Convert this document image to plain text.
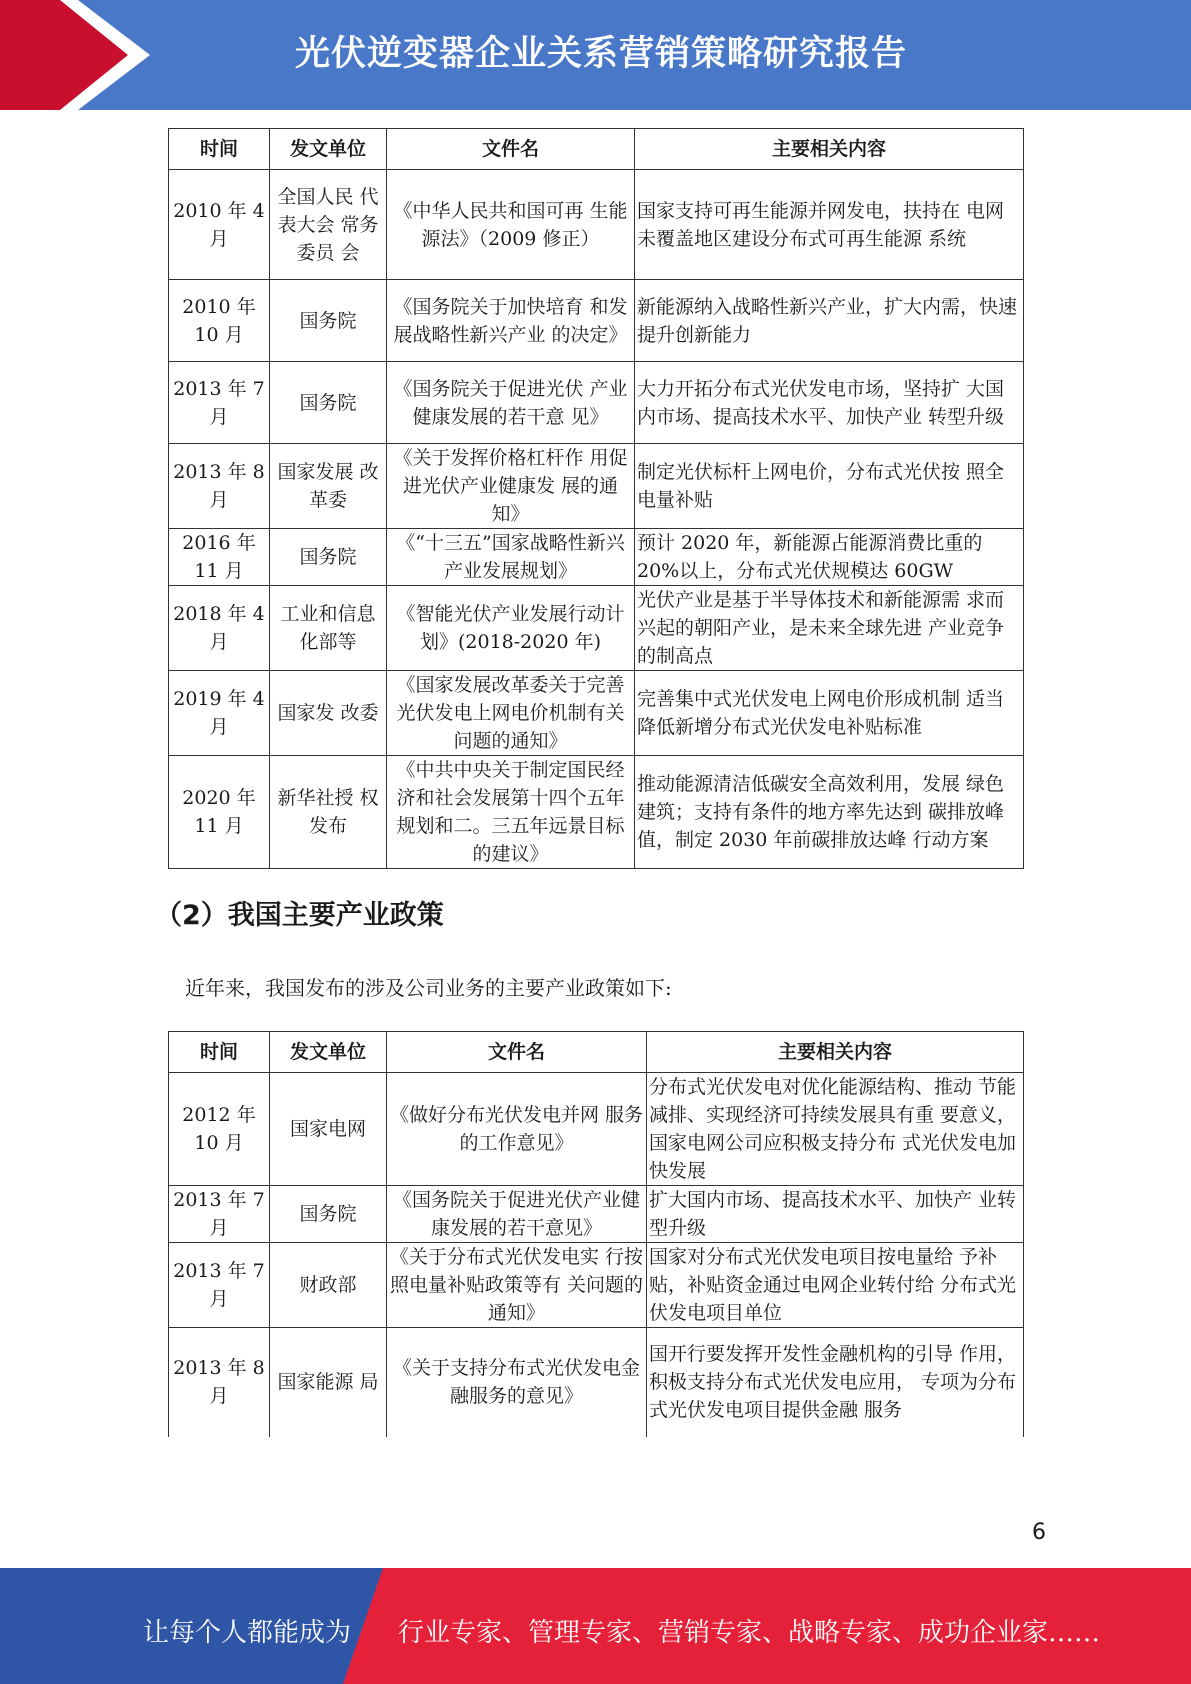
光伏逆变器企业关系营销策略研究报告
时间	发文单位	文件名	主要相关内容
2010 年 4 月	全国人民 代表大会 常务委员 会	《中华人民共和国可再 生能源法》（2009 修正）	国家支持可再生能源并网发电，扶持在 电网未覆盖地区建设分布式可再生能源 系统
2010 年 10 月	国务院	《国务院关于加快培育 和发展战略性新兴产业 的决定》	新能源纳入战略性新兴产业，扩大内需，快速提升创新能力
2013 年 7 月	国务院	《国务院关于促进光伏 产业健康发展的若干意 见》	大力开拓分布式光伏发电市场，坚持扩 大国内市场、提高技术水平、加快产业 转型升级
2013 年 8 月	国家发展 改革委	《关于发挥价格杠杆作 用促进光伏产业健康发 展的通知》	制定光伏标杆上网电价，分布式光伏按 照全电量补贴
2016 年 11 月	国务院	《“十三五”国家战略性新兴产业发展规划》	预计 2020 年，新能源占能源消费比重的 20%以上，分布式光伏规模达 60GW
2018 年 4 月	工业和信息化部等	《智能光伏产业发展行动计划》(2018-2020 年)	光伏产业是基于半导体技术和新能源需 求而兴起的朝阳产业，是未来全球先进 产业竞争的制高点
2019 年 4 月	国家发 改委	《国家发展改革委关于完善光伏发电上网电价机制有关问题的通知》	完善集中式光伏发电上网电价形成机制 适当降低新增分布式光伏发电补贴标准
2020 年 11 月	新华社授 权发布	《中共中央关于制定国民经济和社会发展第十四个五年规划和二。三五年远景目标的建议》	推动能源清洁低碳安全高效利用，发展 绿色建筑；支持有条件的地方率先达到 碳排放峰值，制定 2030 年前碳排放达峰 行动方案
（2）我国主要产业政策
近年来，我国发布的涉及公司业务的主要产业政策如下:
时间	发文单位	文件名	主要相关内容
2012 年 10 月	国家电网	《做好分布光伏发电并网 服务的工作意见》	分布式光伏发电对优化能源结构、推动 节能减排、实现经济可持续发展具有重 要意义，国家电网公司应积极支持分布 式光伏发电加快发展
2013 年 7 月	国务院	《国务院关于促进光伏产业健康发展的若干意见》	扩大国内市场、提高技术水平、加快产 业转型升级
2013 年 7 月	财政部	《关于分布式光伏发电实 行按照电量补贴政策等有 关问题的通知》	国家对分布式光伏发电项目按电量给 予补贴，补贴资金通过电网企业转付给 分布式光伏发电项目单位
2013 年 8 月	国家能源 局	《关于支持分布式光伏发电金融服务的意见》	国开行要发挥开发性金融机构的引导 作用，积极支持分布式光伏发电应用， 专项为分布式光伏发电项目提供金融 服务
6
让每个人都能成为 行业专家、管理专家、营销专家、战略专家、成功企业家……
